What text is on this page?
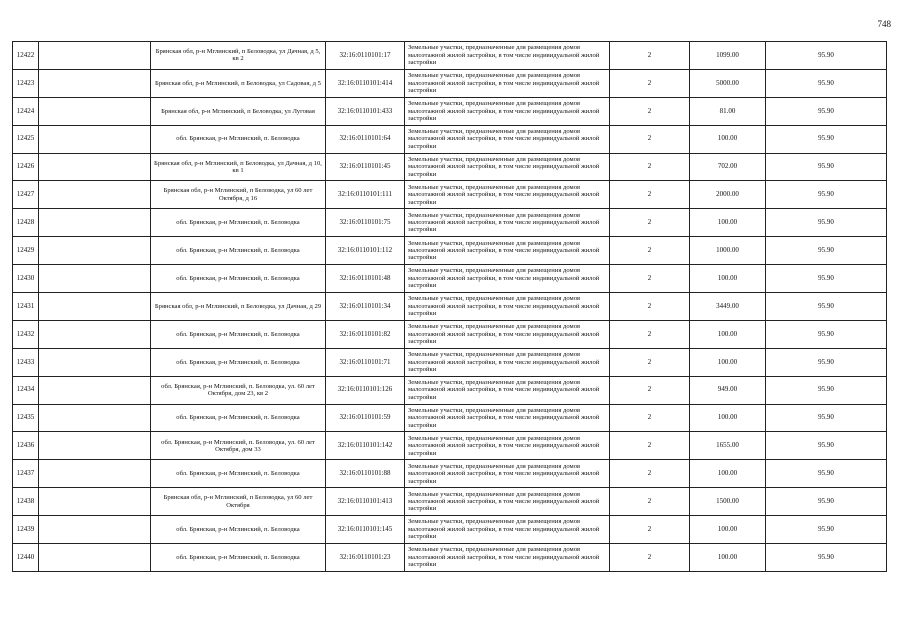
748
12422		Брянская обл, р-н Мглинский, п Беловодка, ул Дачная, д 5, кв 2	32:16:0110101:17	Земельные участки, предназначенные для размещения домов малоэтажной жилой застройки, в том числе индивидуальной жилой застройки	2	1099.00	95.90	
12423		Брянская обл, р-н Мглинский, п Беловодка, ул Садовая, д 5	32:16:0110101:414	Земельные участки, предназначенные для размещения домов малоэтажной жилой застройки, в том числе индивидуальной жилой застройки	2	5000.00	95.90	
12424		Брянская обл, р-н Мглинский, п Беловодка, ул Луговая	32:16:0110101:433	Земельные участки, предназначенные для размещения домов малоэтажной жилой застройки, в том числе индивидуальной жилой застройки	2	81.00	95.90	
12425		обл. Брянская, р-н Мглинский, п. Беловодка	32:16:0110101:64	Земельные участки, предназначенные для размещения домов малоэтажной жилой застройки, в том числе индивидуальной жилой застройки	2	100.00	95.90	
12426		Брянская обл, р-н Мглинский, п Беловодка, ул Дачная, д 10, кв 1	32:16:0110101:45	Земельные участки, предназначенные для размещения домов малоэтажной жилой застройки, в том числе индивидуальной жилой застройки	2	702.00	95.90	
12427		Брянская обл, р-н Мглинский, п Беловодка, ул 60 лет Октября, д 16	32:16:0110101:111	Земельные участки, предназначенные для размещения домов малоэтажной жилой застройки, в том числе индивидуальной жилой застройки	2	2000.00	95.90	
12428		обл. Брянская, р-н Мглинский, п. Беловодка	32:16:0110101:75	Земельные участки, предназначенные для размещения домов малоэтажной жилой застройки, в том числе индивидуальной жилой застройки	2	100.00	95.90	
12429		обл. Брянская, р-н Мглинский, п. Беловодка	32:16:0110101:112	Земельные участки, предназначенные для размещения домов малоэтажной жилой застройки, в том числе индивидуальной жилой застройки	2	1000.00	95.90	
12430		обл. Брянская, р-н Мглинский, п. Беловодка	32:16:0110101:48	Земельные участки, предназначенные для размещения домов малоэтажной жилой застройки, в том числе индивидуальной жилой застройки	2	100.00	95.90	
12431		Брянская обл, р-н Мглинский, п Беловодка, ул Дачная, д 29	32:16:0110101:34	Земельные участки, предназначенные для размещения домов малоэтажной жилой застройки, в том числе индивидуальной жилой застройки	2	3449.00	95.90	
12432		обл. Брянская, р-н Мглинский, п. Беловодка	32:16:0110101:82	Земельные участки, предназначенные для размещения домов малоэтажной жилой застройки, в том числе индивидуальной жилой застройки	2	100.00	95.90	
12433		обл. Брянская, р-н Мглинский, п. Беловодка	32:16:0110101:71	Земельные участки, предназначенные для размещения домов малоэтажной жилой застройки, в том числе индивидуальной жилой застройки	2	100.00	95.90	
12434		обл. Брянская, р-н Мглинский, п. Беловодка, ул. 60 лет Октября, дом 23, кв 2	32:16:0110101:126	Земельные участки, предназначенные для размещения домов малоэтажной жилой застройки, в том числе индивидуальной жилой застройки	2	949.00	95.90	
12435		обл. Брянская, р-н Мглинский, п. Беловодка	32:16:0110101:59	Земельные участки, предназначенные для размещения домов малоэтажной жилой застройки, в том числе индивидуальной жилой застройки	2	100.00	95.90	
12436		обл. Брянская, р-н Мглинский, п. Беловодка, ул. 60 лет Октября, дом 33	32:16:0110101:142	Земельные участки, предназначенные для размещения домов малоэтажной жилой застройки, в том числе индивидуальной жилой застройки	2	1655.00	95.90	
12437		обл. Брянская, р-н Мглинский, п. Беловодка	32:16:0110101:88	Земельные участки, предназначенные для размещения домов малоэтажной жилой застройки, в том числе индивидуальной жилой застройки	2	100.00	95.90	
12438		Брянская обл, р-н Мглинский, п Беловодка, ул 60 лет Октября	32:16:0110101:413	Земельные участки, предназначенные для размещения домов малоэтажной жилой застройки, в том числе индивидуальной жилой застройки	2	1500.00	95.90	
12439		обл. Брянская, р-н Мглинский, п. Беловодка	32:16:0110101:145	Земельные участки, предназначенные для размещения домов малоэтажной жилой застройки, в том числе индивидуальной жилой застройки	2	100.00	95.90	
12440		обл. Брянская, р-н Мглинский, п. Беловодка	32:16:0110101:23	Земельные участки, предназначенные для размещения домов малоэтажной жилой застройки, в том числе индивидуальной жилой застройки	2	100.00	95.90	
